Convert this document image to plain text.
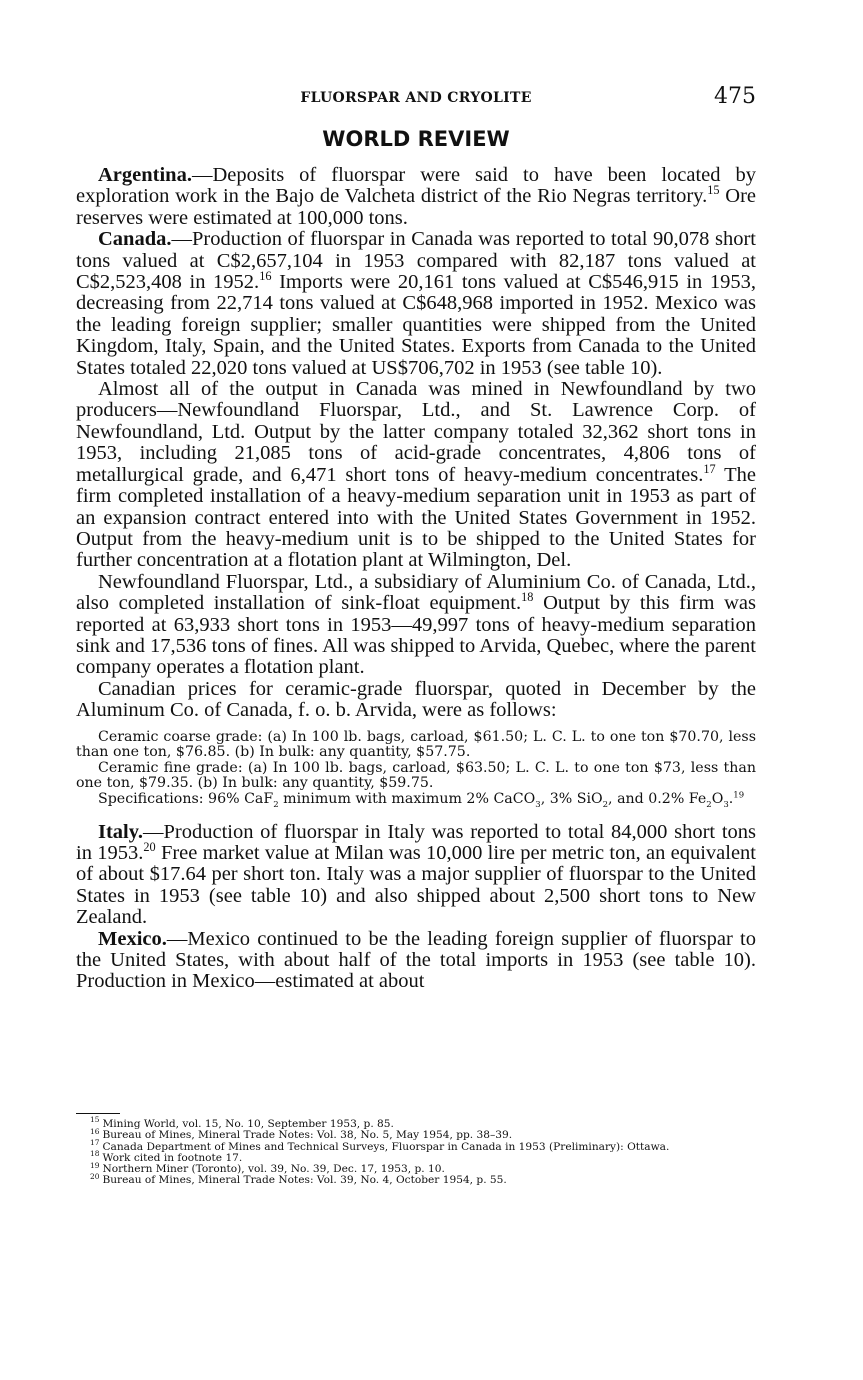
FLUORSPAR AND CRYOLITE	475
WORLD REVIEW

Argentina.—Deposits of fluorspar were said to have been located by exploration work in the Bajo de Valcheta district of the Rio Negras territory.$^{15}$ Ore reserves were estimated at 100,000 tons.

Canada.—Production of fluorspar in Canada was reported to total 90,078 short tons valued at C$2,657,104 in 1953 compared with 82,187 tons valued at C$2,523,408 in 1952.16 Imports were 20,161 tons valued at C$546,915 in 1953, decreasing from 22,714 tons valued at C$648,968 imported in 1952. Mexico was the leading foreign supplier; smaller quantities were shipped from the United Kingdom, Italy, Spain, and the United States. Exports from Canada to the United States totaled 22,020 tons valued at US$706,702 in 1953 (see table 10).

Almost all of the output in Canada was mined in Newfoundland by two producers—Newfoundland Fluorspar, Ltd., and St. Lawrence Corp. of Newfoundland, Ltd. Output by the latter company totaled 32,362 short tons in 1953, including 21,085 tons of acid-grade concentrates, 4,806 tons of metallurgical grade, and 6,471 short tons of heavy-medium concentrates.$^{17}$ The firm completed installation of a heavy-medium separation unit in 1953 as part of an expansion contract entered into with the United States Government in 1952. Output from the heavy-medium unit is to be shipped to the United States for further concentration at a flotation plant at Wilmington, Del.

Newfoundland Fluorspar, Ltd., a subsidiary of Aluminium Co. of Canada, Ltd., also completed installation of sink-float equipment.$^{18}$ Output by this firm was reported at 63,933 short tons in 1953—49,997 tons of heavy-medium separation sink and 17,536 tons of fines. All was shipped to Arvida, Quebec, where the parent company operates a flotation plant.

Canadian prices for ceramic-grade fluorspar, quoted in December by the Aluminum Co. of Canada, f. o. b. Arvida, were as follows:

Ceramic coarse grade: (a) In 100 lb. bags, carload, $61.50; L. C. L. to one ton $70.70, less than one ton, $76.85. (b) In bulk: any quantity, $57.75.

Ceramic fine grade: (a) In 100 lb. bags, carload, $63.50; L. C. L. to one ton $73, less than one ton, $79.35. (b) In bulk: any quantity, $59.75.

Specifications: 96% CaF$_2$ minimum with maximum 2% CaCO$_3$, 3% SiO$_2$, and 0.2% $Fe_2O_3.^{19}$

Italy.—Production of fluorspar in Italy was reported to total 84,000 short tons in 1953.20 Free market value at Milan was 10,000 lire per metric ton, an equivalent of about $17.64 per short ton. Italy was a major supplier of fluorspar to the United States in 1953 (see table 10) and also shipped about 2,500 short tons to New Zealand.

Mexico.—Mexico continued to be the leading foreign supplier of fluorspar to the United States, with about half of the total imports in 1953 (see table 10). Production in Mexico—estimated at about

$^{15}$ Mining World, vol. 15, No. 10, September 1953, p. 85.

$^{16}$ Bureau of Mines, Mineral Trade Notes: Vol. 38, No. 5, May 1954, pp. 38–39.

$^{17}$ Canada Department of Mines and Technical Surveys, Fluorspar in Canada in 1953 (Preliminary): Ottawa.

$^{18}$ Work cited in footnote 17.

$^{19}$ Northern Miner (Toronto), vol. 39, No. 39, Dec. 17, 1953, p. 10.

$^{20}$ Bureau of Mines, Mineral Trade Notes: Vol. 39, No. 4, October 1954, p. 55.
